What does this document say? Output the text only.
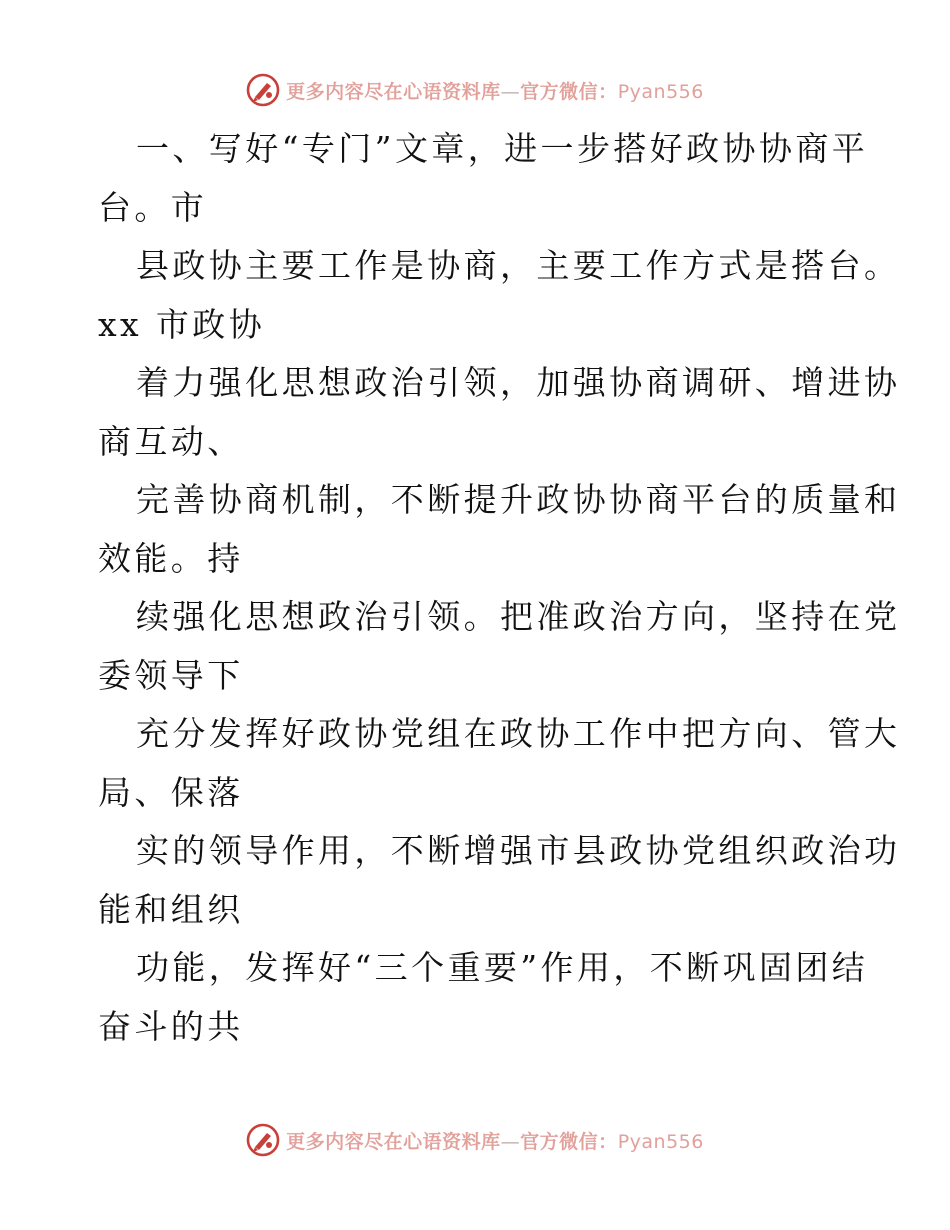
更多内容尽在心语资料库—官方微信：Pyan556

一、写好“专门”文章，进一步搭好政协协商平
台。市

县政协主要工作是协商，主要工作方式是搭台。
xx 市政协

着力强化思想政治引领，加强协商调研、增进协
商互动、

完善协商机制，不断提升政协协商平台的质量和
效能。持

续强化思想政治引领。把准政治方向，坚持在党
委领导下

充分发挥好政协党组在政协工作中把方向、管大
局、保落

实的领导作用，不断增强市县政协党组织政治功
能和组织

功能，发挥好“三个重要”作用，不断巩固团结
奋斗的共

更多内容尽在心语资料库—官方微信：Pyan556
